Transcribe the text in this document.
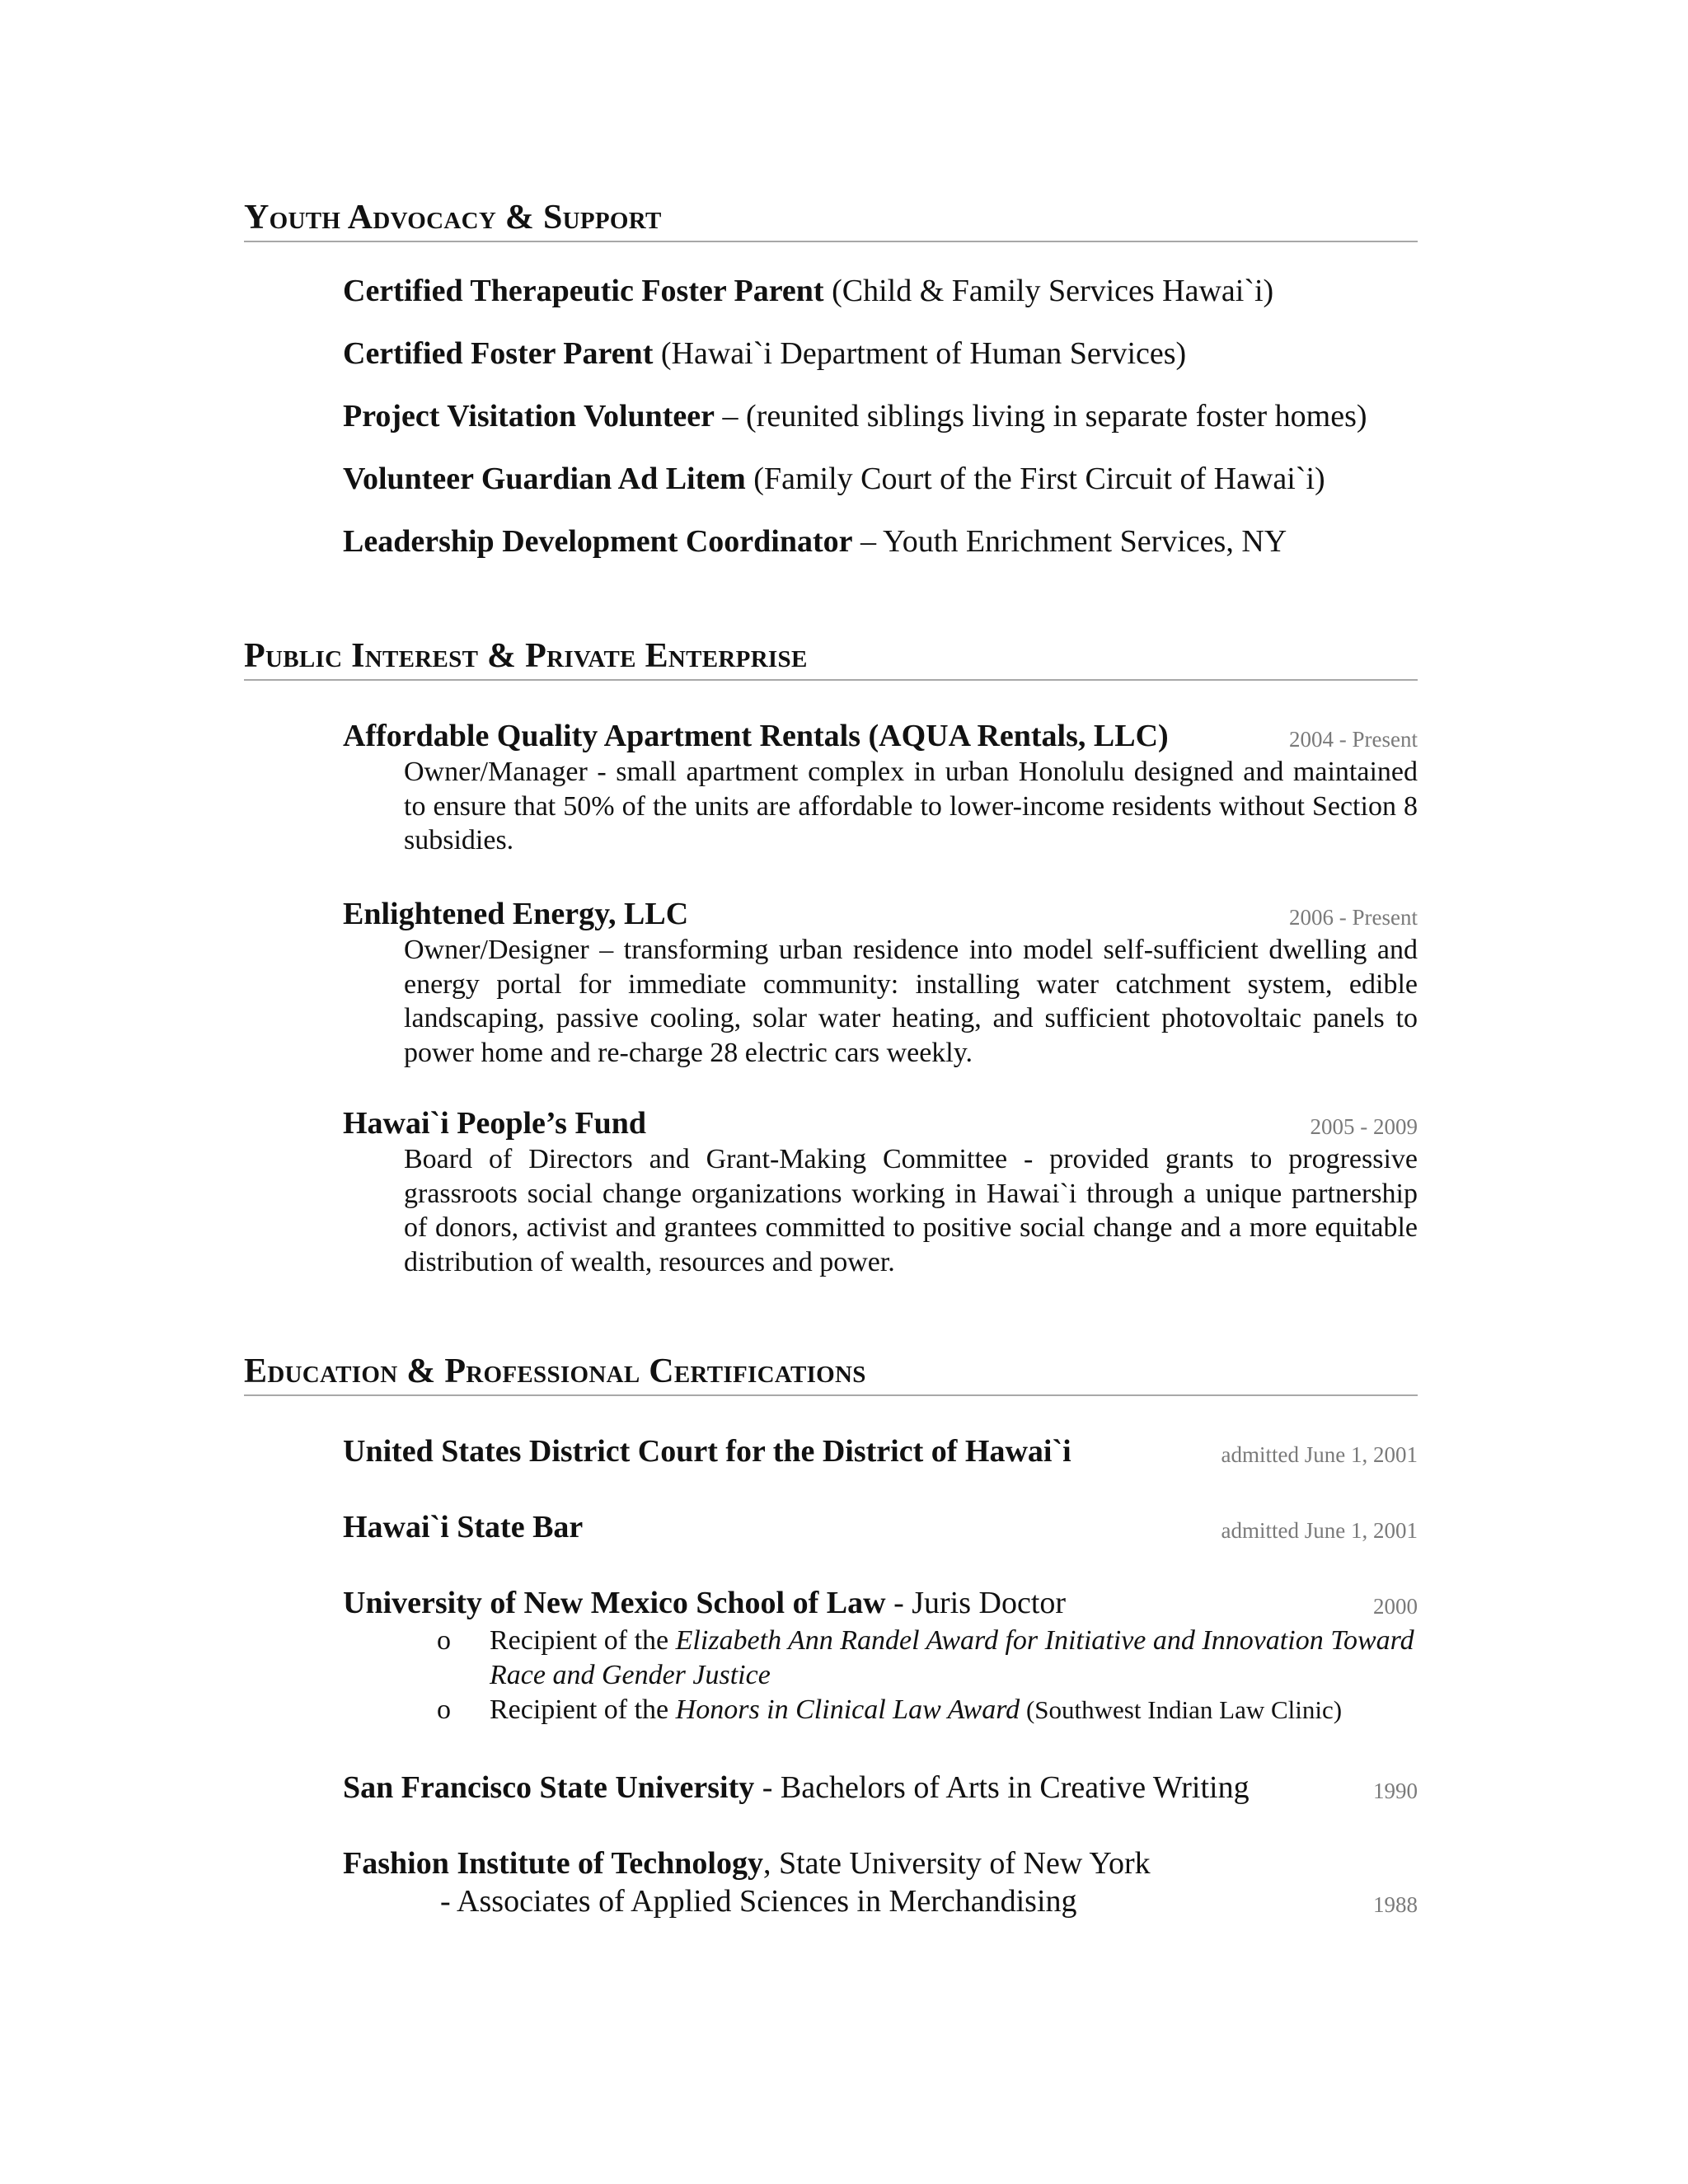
Youth Advocacy & Support
Certified Therapeutic Foster Parent (Child & Family Services Hawai`i)
Certified Foster Parent (Hawai`i Department of Human Services)
Project Visitation Volunteer – (reunited siblings living in separate foster homes)
Volunteer Guardian Ad Litem (Family Court of the First Circuit of Hawai`i)
Leadership Development Coordinator – Youth Enrichment Services, NY
Public Interest & Private Enterprise
Affordable Quality Apartment Rentals (AQUA Rentals, LLC)	2004 - Present
Owner/Manager - small apartment complex in urban Honolulu designed and maintained to ensure that 50% of the units are affordable to lower-income residents without Section 8 subsidies.
Enlightened Energy, LLC	2006 - Present
Owner/Designer – transforming urban residence into model self-sufficient dwelling and energy portal for immediate community: installing water catchment system, edible landscaping, passive cooling, solar water heating, and sufficient photovoltaic panels to power home and re-charge 28 electric cars weekly.
Hawai`i People’s Fund	2005 - 2009
Board of Directors and Grant-Making Committee - provided grants to progressive grassroots social change organizations working in Hawai`i through a unique partnership of donors, activist and grantees committed to positive social change and a more equitable distribution of wealth, resources and power.
Education & Professional Certifications
United States District Court for the District of Hawai`i	admitted June 1, 2001
Hawai`i State Bar	admitted June 1, 2001
University of New Mexico School of Law - Juris Doctor	2000
o Recipient of the Elizabeth Ann Randel Award for Initiative and Innovation Toward Race and Gender Justice
o Recipient of the Honors in Clinical Law Award (Southwest Indian Law Clinic)
San Francisco State University - Bachelors of Arts in Creative Writing	1990
Fashion Institute of Technology, State University of New York
- Associates of Applied Sciences in Merchandising	1988
